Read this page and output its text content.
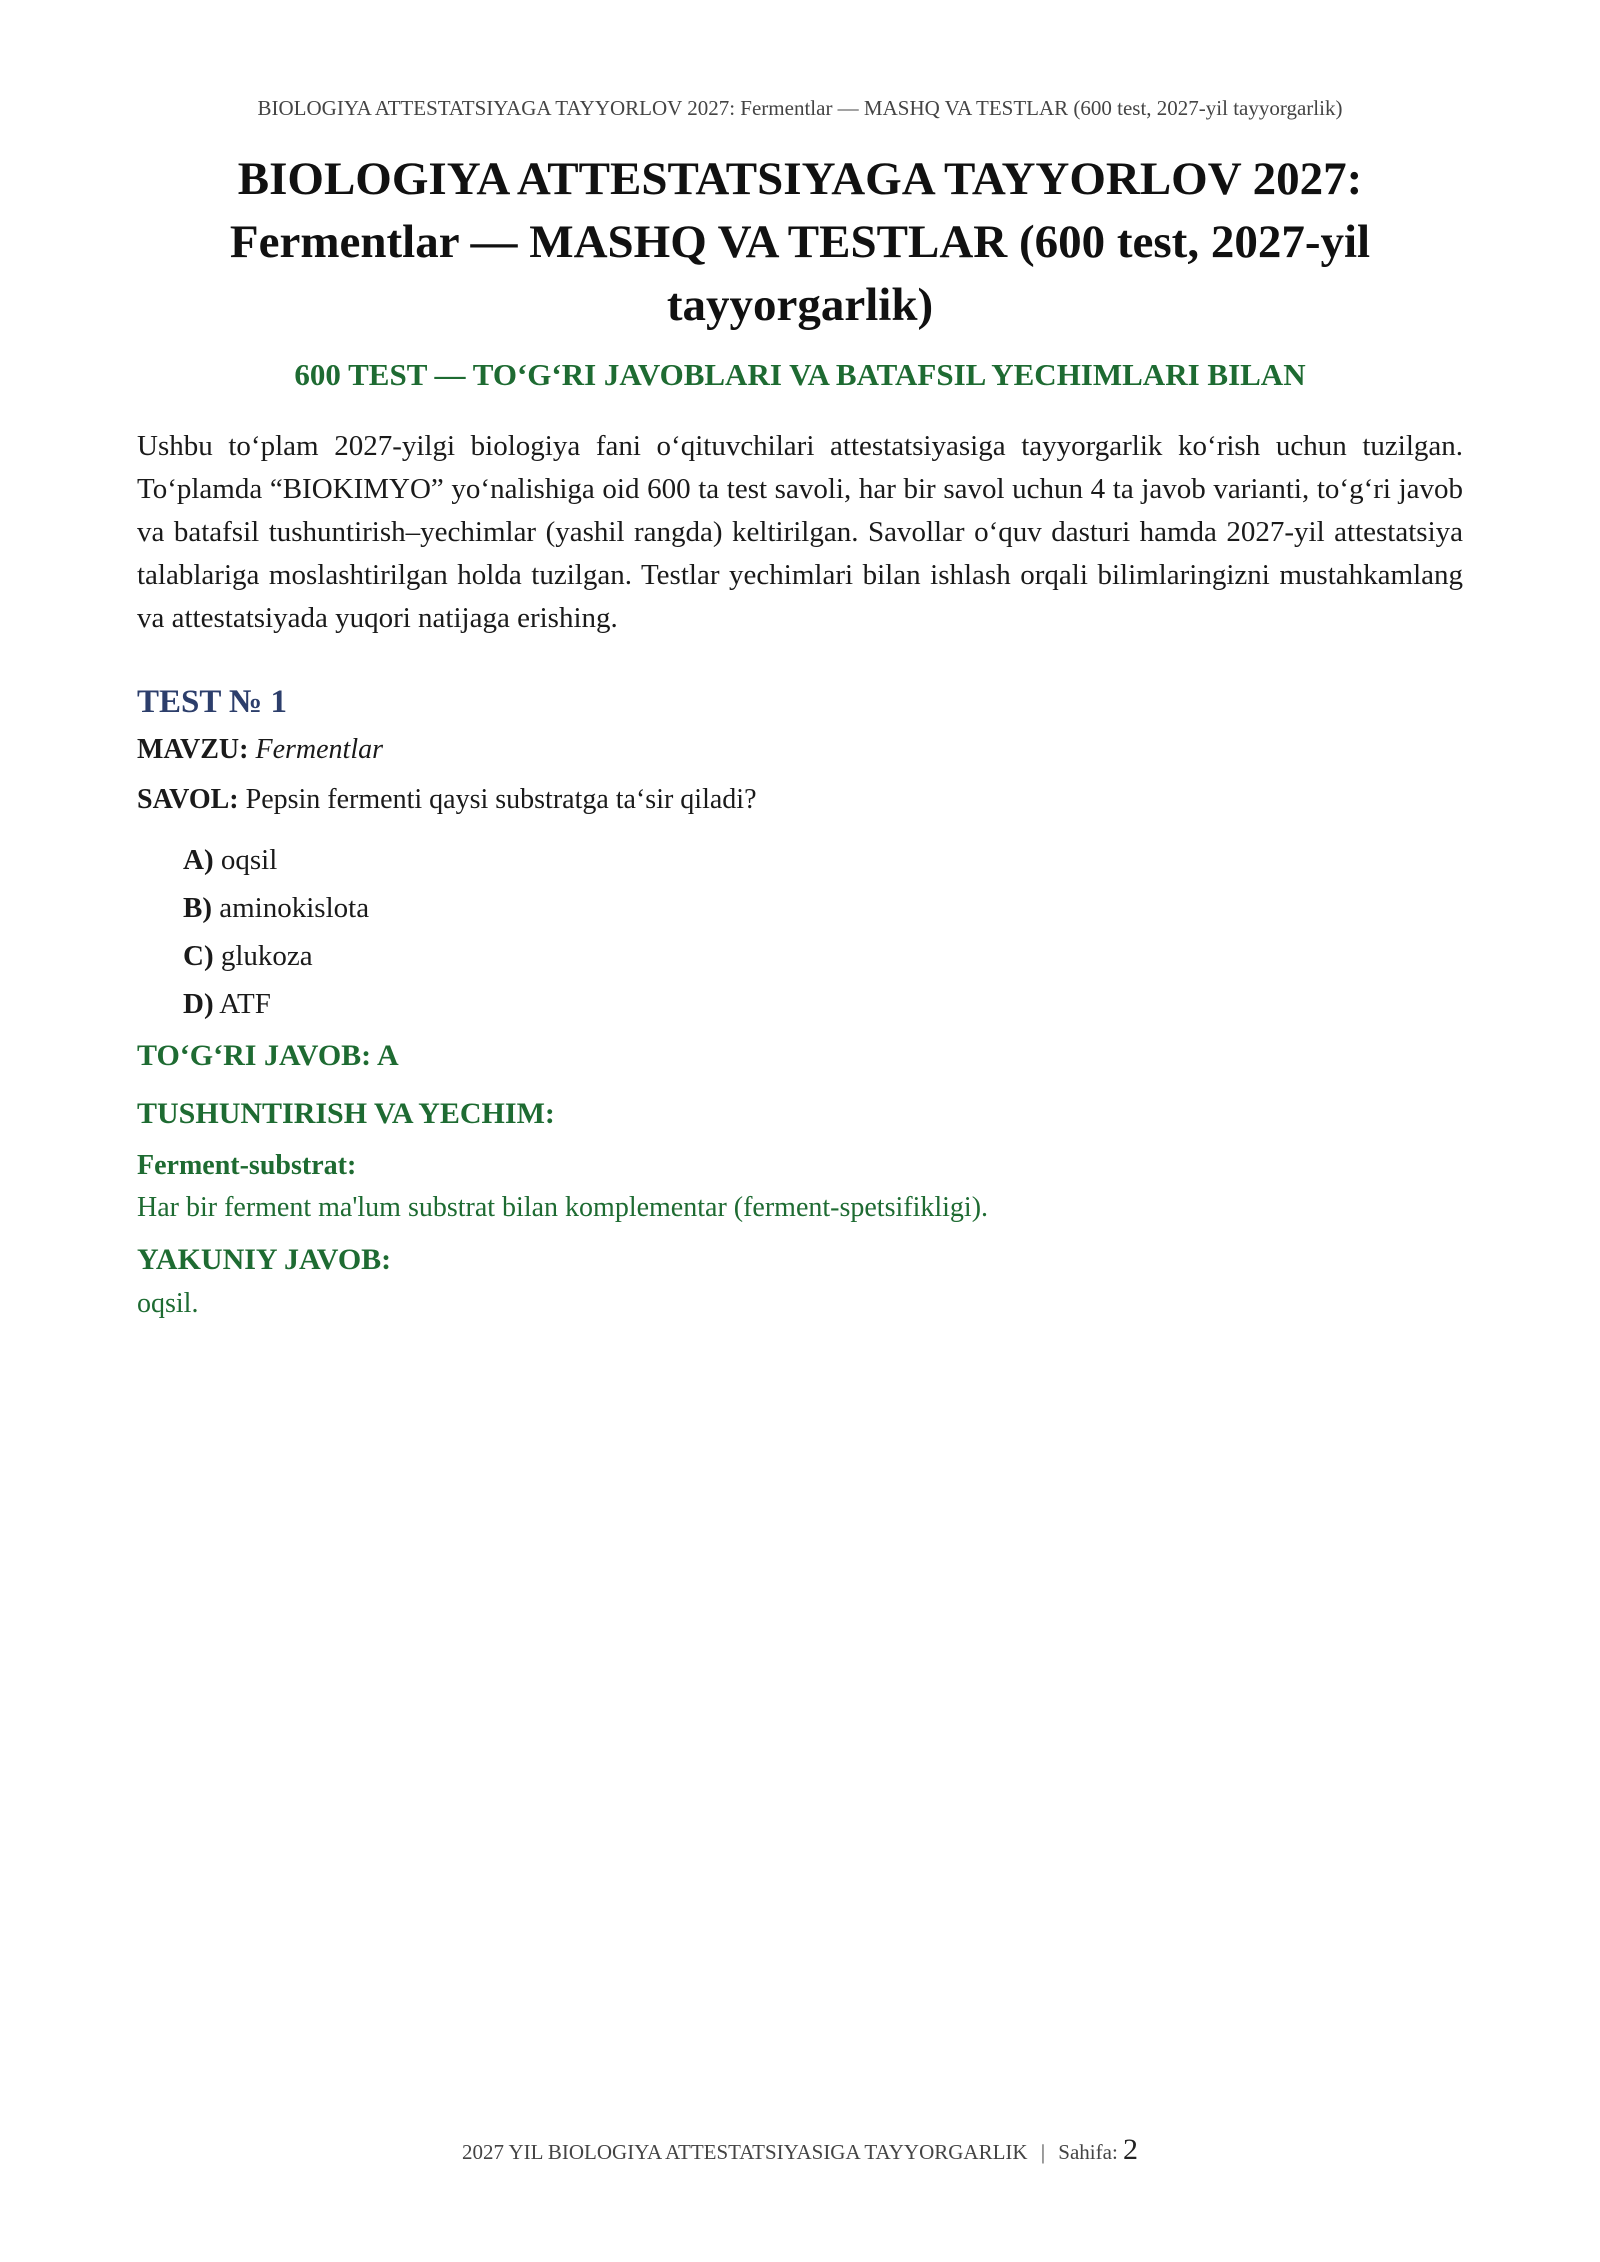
BIOLOGIYA ATTESTATSIYAGA TAYYORLOV 2027: Fermentlar — MASHQ VA TESTLAR (600 test, 2027-yil tayyorgarlik)
BIOLOGIYA ATTESTATSIYAGA TAYYORLOV 2027:
Fermentlar — MASHQ VA TESTLAR (600 test, 2027-yil
tayyorgarlik)
600 TEST — TO‘G‘RI JAVOBLARI VA BATAFSIL YECHIMLARI BILAN

Ushbu to‘plam 2027-yilgi biologiya fani o‘qituvchilari attestatsiyasiga tayyorgarlik ko‘rish uchun tuzilgan. To‘plamda “BIOKIMYO” yo‘nalishiga oid 600 ta test savoli, har bir savol uchun 4 ta javob varianti, to‘g‘ri javob va batafsil tushuntirish–yechimlar (yashil rangda) keltirilgan. Savollar o‘quv dasturi hamda 2027-yil attestatsiya talablariga moslashtirilgan holda tuzilgan. Testlar yechimlari bilan ishlash orqali bilimlaringizni mustahkamlang va attestatsiyada yuqori natijaga erishing.

TEST № 1
MAVZU: Fermentlar
SAVOL: Pepsin fermenti qaysi substratga ta‘sir qiladi?
A) oqsil
B) aminokislota
C) glukoza
D) ATF
TO‘G‘RI JAVOB: A
TUSHUNTIRISH VA YECHIM:
Ferment-substrat:
Har bir ferment ma'lum substrat bilan komplementar (ferment-spetsifikligi).
YAKUNIY JAVOB:
oqsil.
2027 YIL BIOLOGIYA ATTESTATSIYASIGA TAYYORGARLIK | Sahifa: 2
